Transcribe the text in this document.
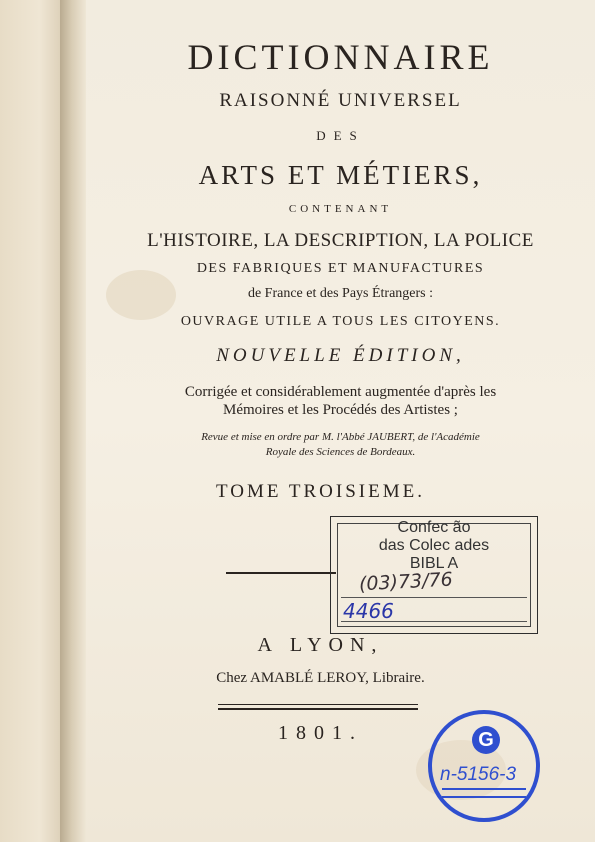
DICTIONNAIRE
RAISONNÉ UNIVERSEL
DES
ARTS ET MÉTIERS,
CONTENANT
L'HISTOIRE, LA DESCRIPTION, LA POLICE
DES FABRIQUES ET MANUFACTURES
de France et des Pays Étrangers :
OUVRAGE UTILE A TOUS LES CITOYENS.
NOUVELLE ÉDITION,
Corrigée et considérablement augmentée d'après les
Mémoires et les Procédés des Artistes ;
Revue et mise en ordre par M. l'Abbé JAUBERT, de l'Académie
Royale des Sciences de Bordeaux.
TOME TROISIEME.
A LYON,
Chez AMABLÉ LEROY, Libraire.
1801.
Confec ão
das Colec ades
BIBL A
(03)73/76
4466
G
n-5156-3
